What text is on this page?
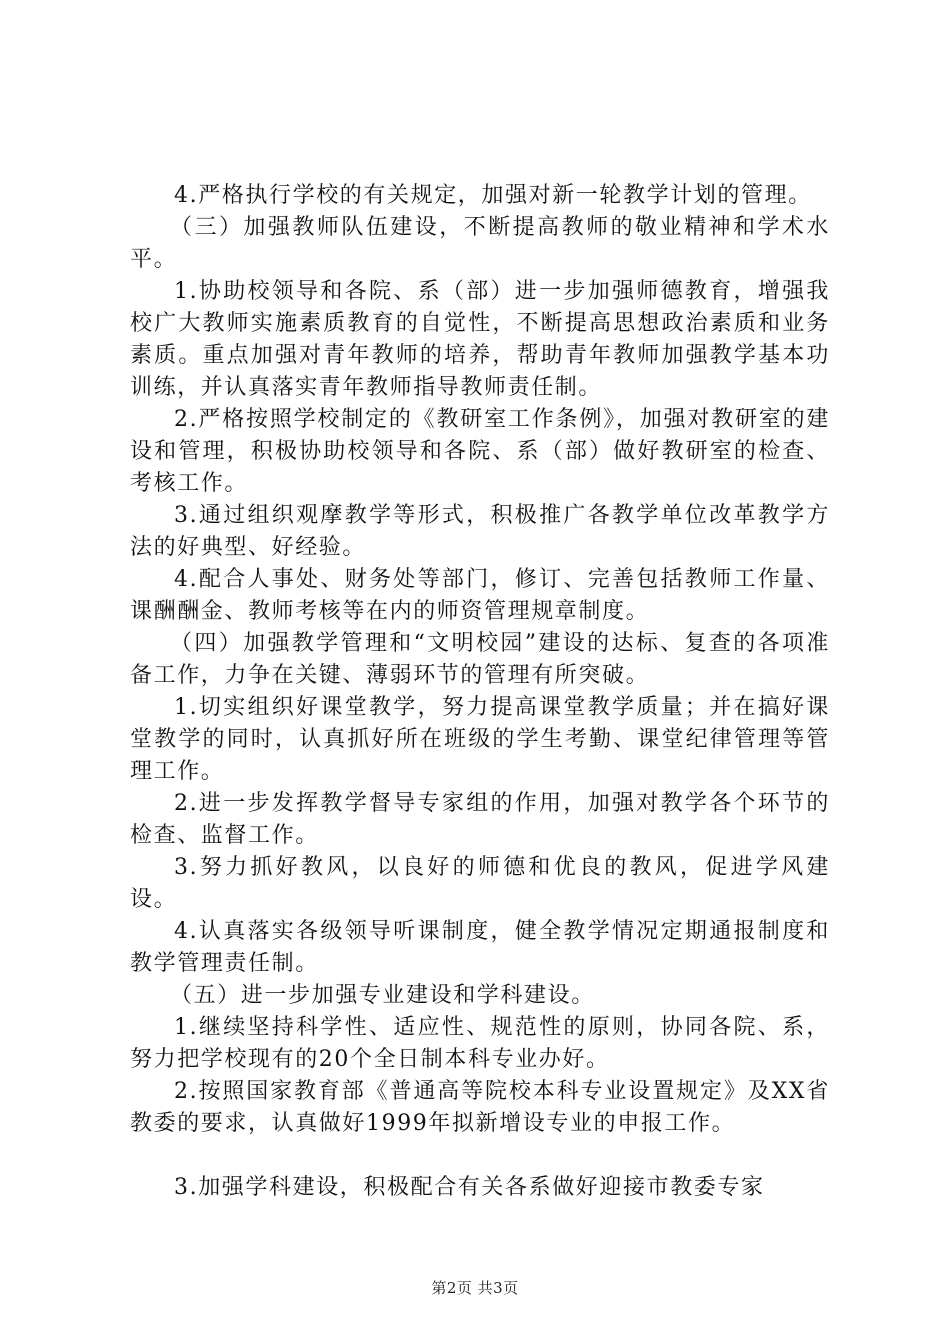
4.严格执行学校的有关规定，加强对新一轮教学计划的管理。

（三）加强教师队伍建设，不断提高教师的敬业精神和学术水平。

1.协助校领导和各院、系（部）进一步加强师德教育，增强我校广大教师实施素质教育的自觉性，不断提高思想政治素质和业务素质。重点加强对青年教师的培养，帮助青年教师加强教学基本功训练，并认真落实青年教师指导教师责任制。

2.严格按照学校制定的《教研室工作条例》，加强对教研室的建设和管理，积极协助校领导和各院、系（部）做好教研室的检查、考核工作。

3.通过组织观摩教学等形式，积极推广各教学单位改革教学方法的好典型、好经验。

4.配合人事处、财务处等部门，修订、完善包括教师工作量、课酬酬金、教师考核等在内的师资管理规章制度。

（四）加强教学管理和“文明校园”建设的达标、复查的各项准备工作，力争在关键、薄弱环节的管理有所突破。

1.切实组织好课堂教学，努力提高课堂教学质量；并在搞好课堂教学的同时，认真抓好所在班级的学生考勤、课堂纪律管理等管理工作。

2.进一步发挥教学督导专家组的作用，加强对教学各个环节的检查、监督工作。

3.努力抓好教风，以良好的师德和优良的教风，促进学风建设。

4.认真落实各级领导听课制度，健全教学情况定期通报制度和教学管理责任制。

（五）进一步加强专业建设和学科建设。

1.继续坚持科学性、适应性、规范性的原则，协同各院、系，努力把学校现有的20个全日制本科专业办好。

2.按照国家教育部《普通高等院校本科专业设置规定》及XX省教委的要求，认真做好1999年拟新增设专业的申报工作。

3.加强学科建设，积极配合有关各系做好迎接市教委专家

第2页 共3页
